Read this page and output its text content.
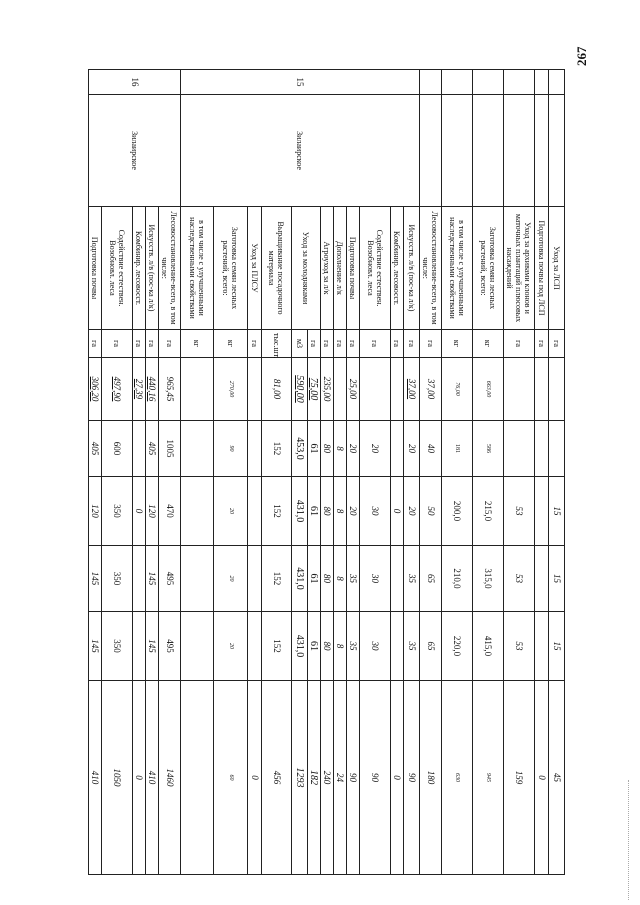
267
		Уход за ЛСП	га			15	15	15	45
		Подготовка почвы под ЛСП	га						0
		Уход за архивами клонов и маточных плантаций плюсовых насаждений	га			53	53	53	159
		Заготовка семян лесных растений, всего:	кг	663,00	586	215,0	315,0	415,0	945
		в том числе с улучшенными наследственными свойствами	кг	76,00	181	200,0	210,0	220,0	630
		Лесовосстановление-всего, в том числе:	га	37,00	40	50	65	65	180
15	Зилаирское	Искусств. л/в (пос-ка л/к)	га	37,00	20	20	35	35	90
		Комбинир. лесовосст.	га			0			0
		Содействие естествен. Возобновл. леса	га		20	30	30	30	90
		Подготовка почвы	га	25,00	20	20	35	35	90
		Дополнение л/к	га		8	8	8	8	24
		Агроуход за л/к	га	235,00	80	80	80	80	240
		Уход за молодняками	га	75,00	61	61	61	61	182
			м3	590,00	453,0	431,0	431,0	431,0	1293
		Выращивание посадочного материала	тыс.шт.	81,00	152	152	152	152	456
		Уход за ПЛСУ	га						0
		Заготовка семян лесных растений, всего:	кг	270,00	90	20	20	20	60
		в том числе с улучшенными наследственными свойствами	кг						
16	Зилаирское	Лесовосстановление-всего, в том числе:	га	965,45	1005	470	495	495	1460
		Искусств. л/в (пос-ка л/к)	га	440,16	405	120	145	145	410
		Комбинир. лесовосст.	га	27,39		0			0
		Содействие естествен. Возобновл. леса	га	497,90	600	350	350	350	1050
		Подготовка почвы	га	306,20	405	120	145	145	410
